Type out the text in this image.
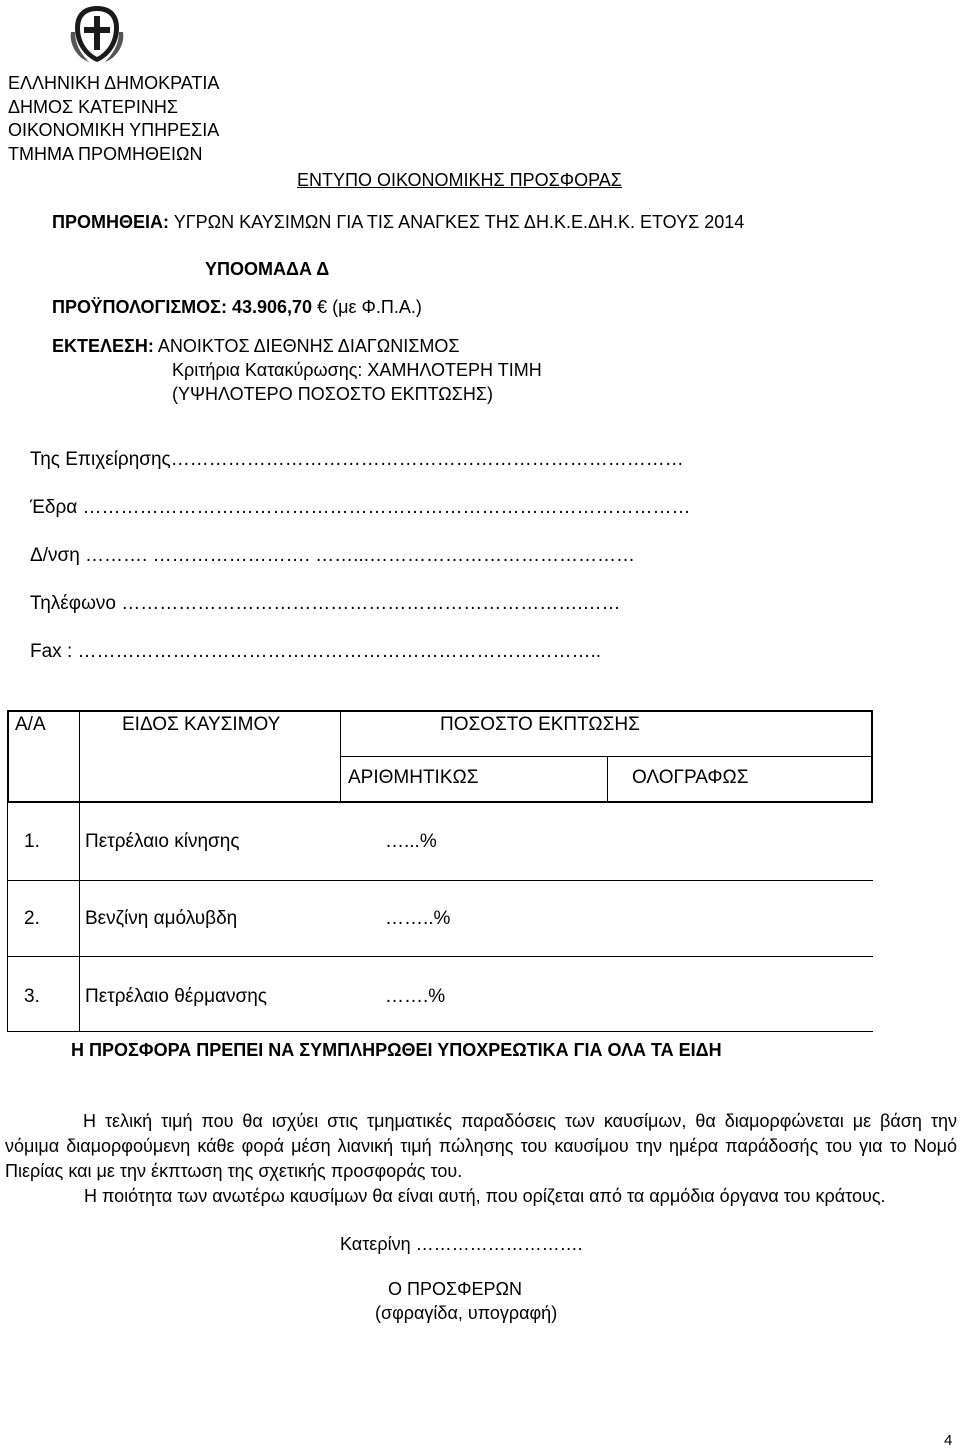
ΕΛΛΗΝΙΚΗ ΔΗΜΟΚΡΑΤΙΑ
ΔΗΜΟΣ ΚΑΤΕΡΙΝΗΣ
ΟΙΚΟΝΟΜΙΚΗ ΥΠΗΡΕΣΙΑ
ΤΜΗΜΑ ΠΡΟΜΗΘΕΙΩΝ
ΕΝΤΥΠΟ ΟΙΚΟΝΟΜΙΚΗΣ ΠΡΟΣΦΟΡΑΣ
ΠΡΟΜΗΘΕΙΑ: ΥΓΡΩΝ ΚΑΥΣΙΜΩΝ ΓΙΑ ΤΙΣ ΑΝΑΓΚΕΣ ΤΗΣ ΔΗ.Κ.Ε.ΔΗ.Κ. ΕΤΟΥΣ 2014
ΥΠΟΟΜΑΔΑ Δ
ΠΡΟΫΠΟΛΟΓΙΣΜΟΣ: 43.906,70 € (με Φ.Π.Α.)
ΕΚΤΕΛΕΣΗ: ΑΝΟΙΚΤΟΣ ΔΙΕΘΝΗΣ ΔΙΑΓΩΝΙΣΜΟΣ
Κριτήρια Κατακύρωσης: ΧΑΜΗΛΟΤΕΡΗ ΤΙΜΗ
(ΥΨΗΛΟΤΕΡΟ ΠΟΣΟΣΤΟ ΕΚΠΤΩΣΗΣ)
Της Επιχείρησης………………………………………………………………………
Έδρα ……………………………………………………………………………………
Δ/νση ………. ……………………. ……...……………………………………
Τηλέφωνο ……………………………………………………………….……
Fax : ………………………………………………………………………..
Α/Α	ΕΙΔΟΣ ΚΑΥΣΙΜΟΥ	ΠΟΣΟΣΤΟ ΕΚΠΤΩΣΗΣ
ΑΡΙΘΜΗΤΙΚΩΣ	ΟΛΟΓΡΑΦΩΣ
1. Πετρέλαιο κίνησης	…...%
2. Βενζίνη αμόλυβδη	……..%
3. Πετρέλαιο θέρμανσης	…….%
Η ΠΡΟΣΦΟΡΑ ΠΡΕΠΕΙ ΝΑ ΣΥΜΠΛΗΡΩΘΕΙ ΥΠΟΧΡΕΩΤΙΚΑ ΓΙΑ ΟΛΑ ΤΑ ΕΙΔΗ
Η τελική τιμή που θα ισχύει στις τμηματικές παραδόσεις των καυσίμων, θα διαμορφώνεται με βάση την νόμιμα διαμορφούμενη κάθε φορά μέση λιανική τιμή πώλησης του καυσίμου την ημέρα παράδοσής του για το Νομό Πιερίας και με την έκπτωση της σχετικής προσφοράς του.
Η ποιότητα των ανωτέρω καυσίμων θα είναι αυτή, που ορίζεται από τα αρμόδια όργανα του κράτους.
Κατερίνη ……………………….
Ο ΠΡΟΣΦΕΡΩΝ
(σφραγίδα, υπογραφή)
4
